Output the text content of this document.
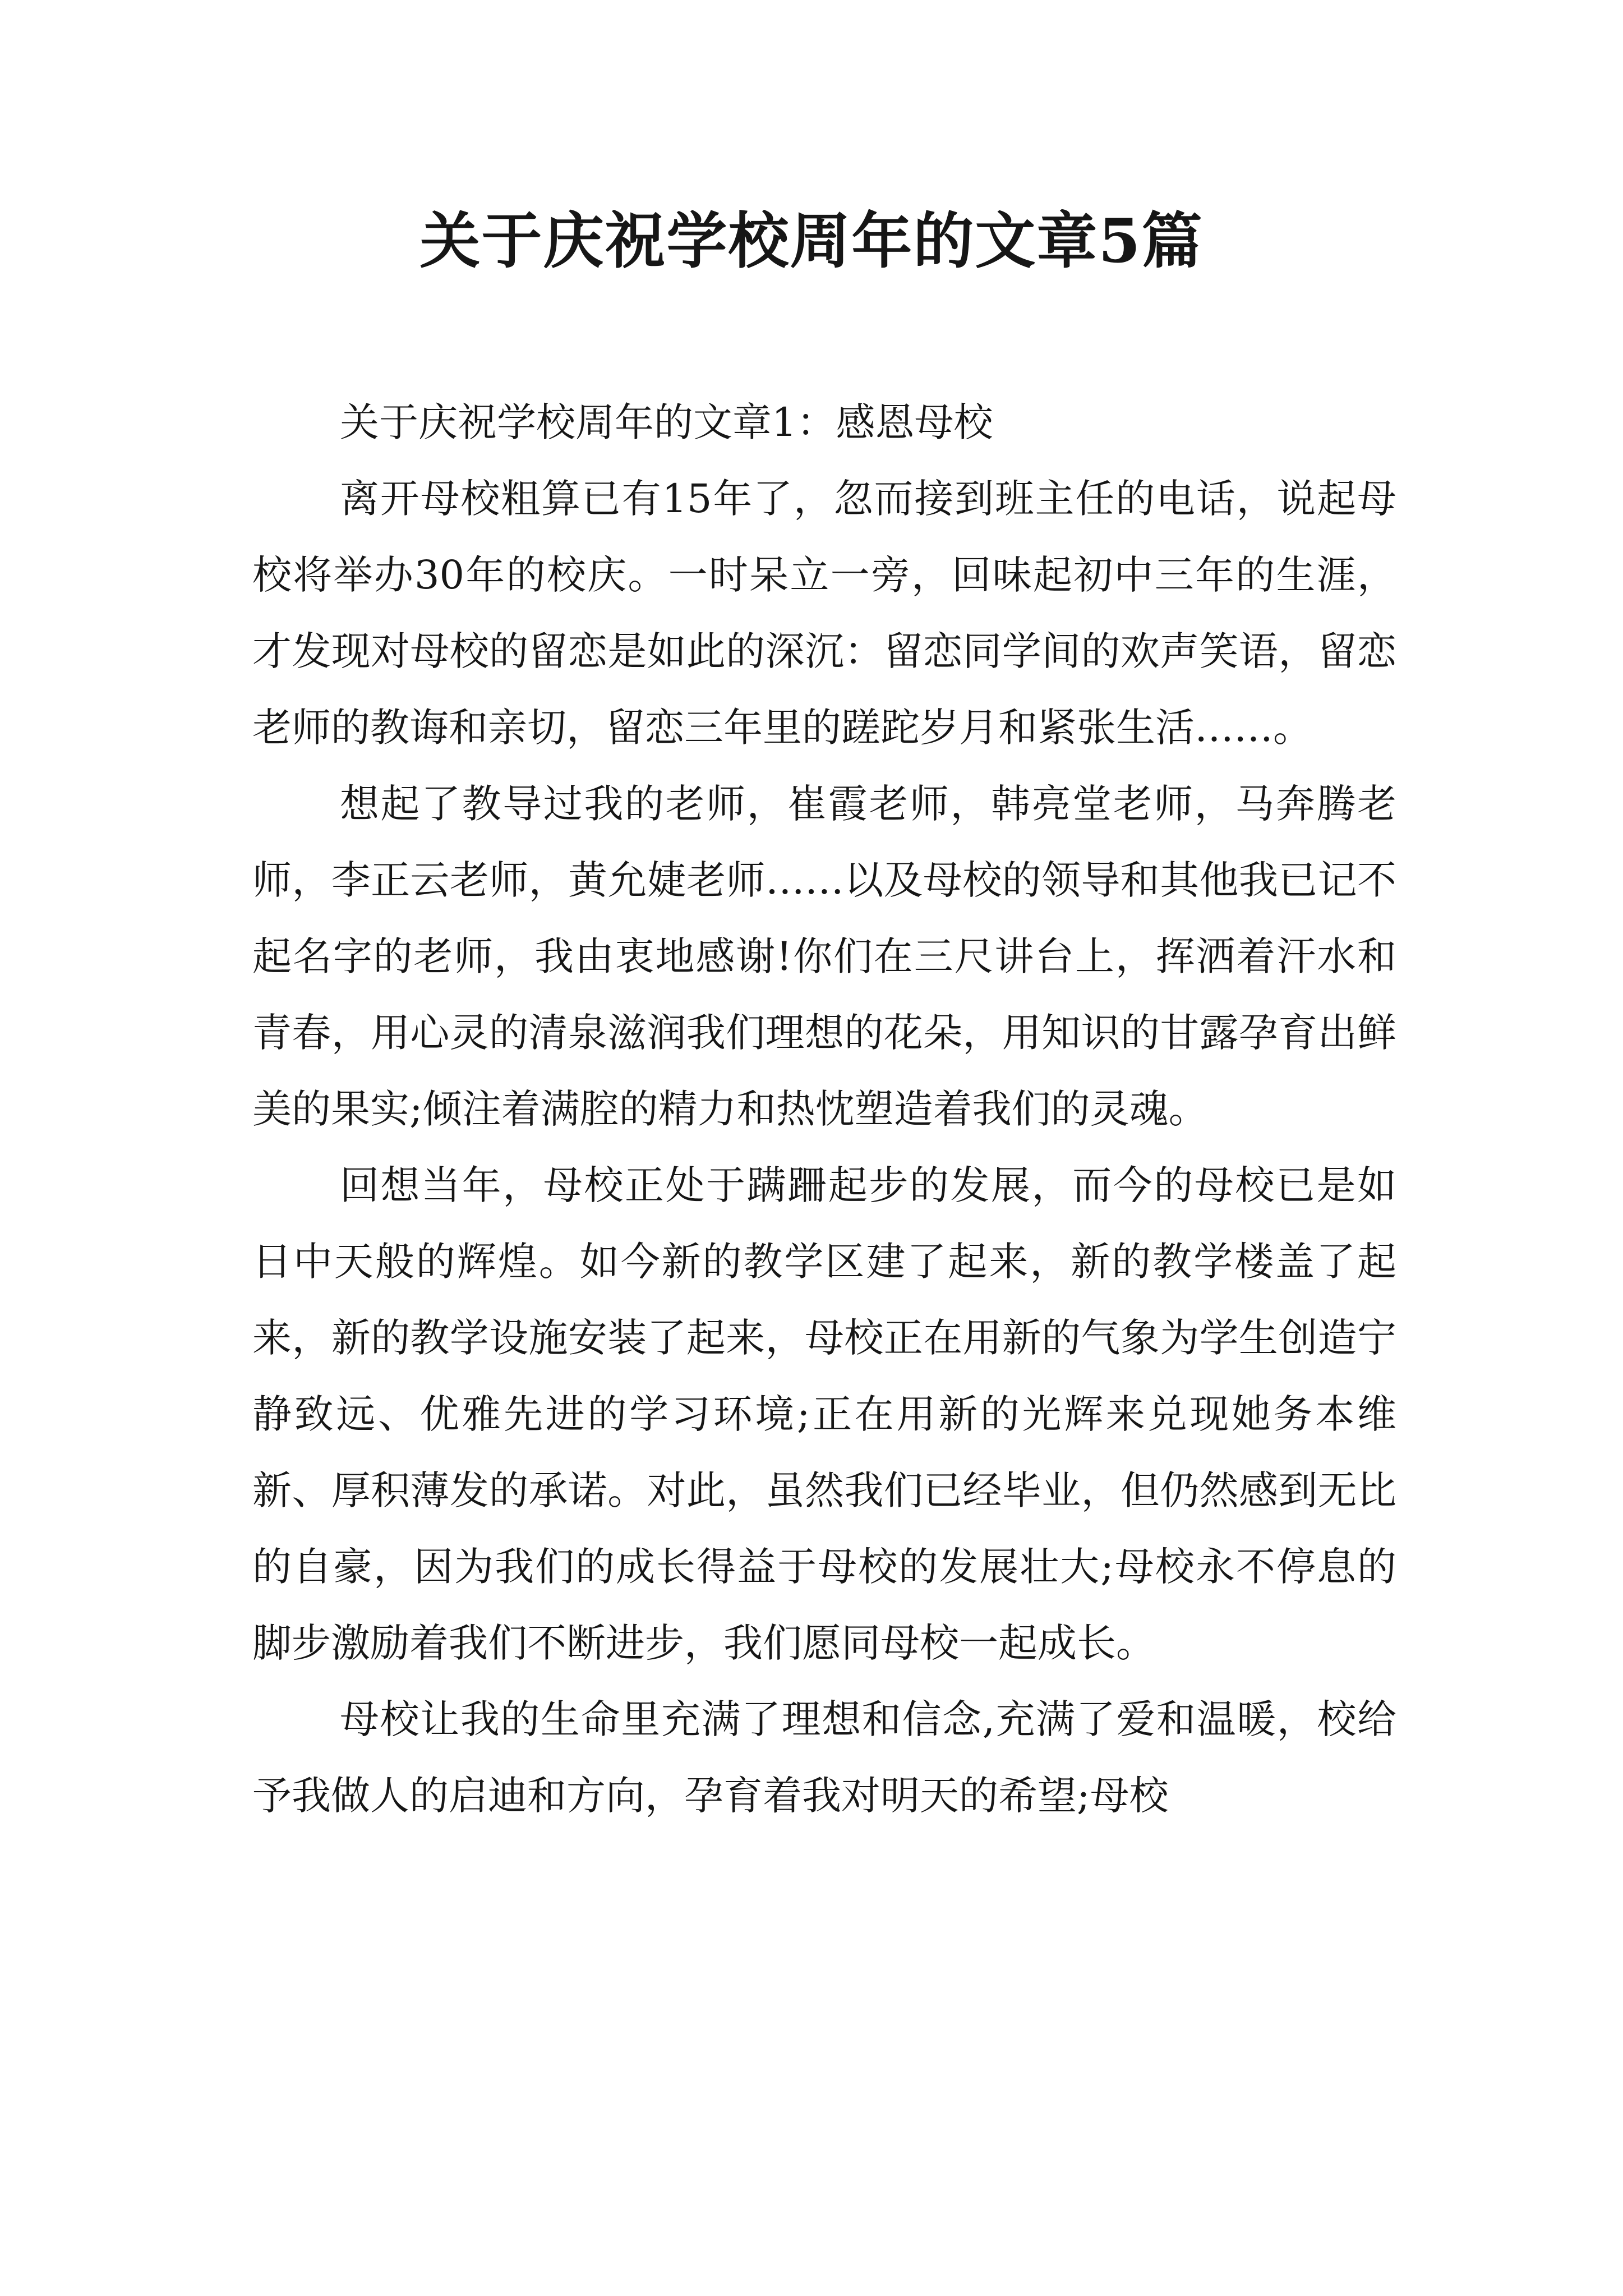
关于庆祝学校周年的文章5篇

关于庆祝学校周年的文章1：感恩母校

离开母校粗算已有15年了，忽而接到班主任的电话，说起母校将举办30年的校庆。一时呆立一旁，回味起初中三年的生涯，才发现对母校的留恋是如此的深沉：留恋同学间的欢声笑语，留恋老师的教诲和亲切，留恋三年里的蹉跎岁月和紧张生活……。

想起了教导过我的老师，崔霞老师，韩亮堂老师，马奔腾老师，李正云老师，黄允婕老师……以及母校的领导和其他我已记不起名字的老师，我由衷地感谢!你们在三尺讲台上，挥洒着汗水和青春，用心灵的清泉滋润我们理想的花朵，用知识的甘露孕育出鲜美的果实;倾注着满腔的精力和热忱塑造着我们的灵魂。

回想当年，母校正处于蹒跚起步的发展，而今的母校已是如日中天般的辉煌。如今新的教学区建了起来，新的教学楼盖了起来，新的教学设施安装了起来，母校正在用新的气象为学生创造宁静致远、优雅先进的学习环境;正在用新的光辉来兑现她务本维新、厚积薄发的承诺。对此，虽然我们已经毕业，但仍然感到无比的自豪，因为我们的成长得益于母校的发展壮大;母校永不停息的脚步激励着我们不断进步，我们愿同母校一起成长。

母校让我的生命里充满了理想和信念,充满了爱和温暖，校给予我做人的启迪和方向，孕育着我对明天的希望;母校
